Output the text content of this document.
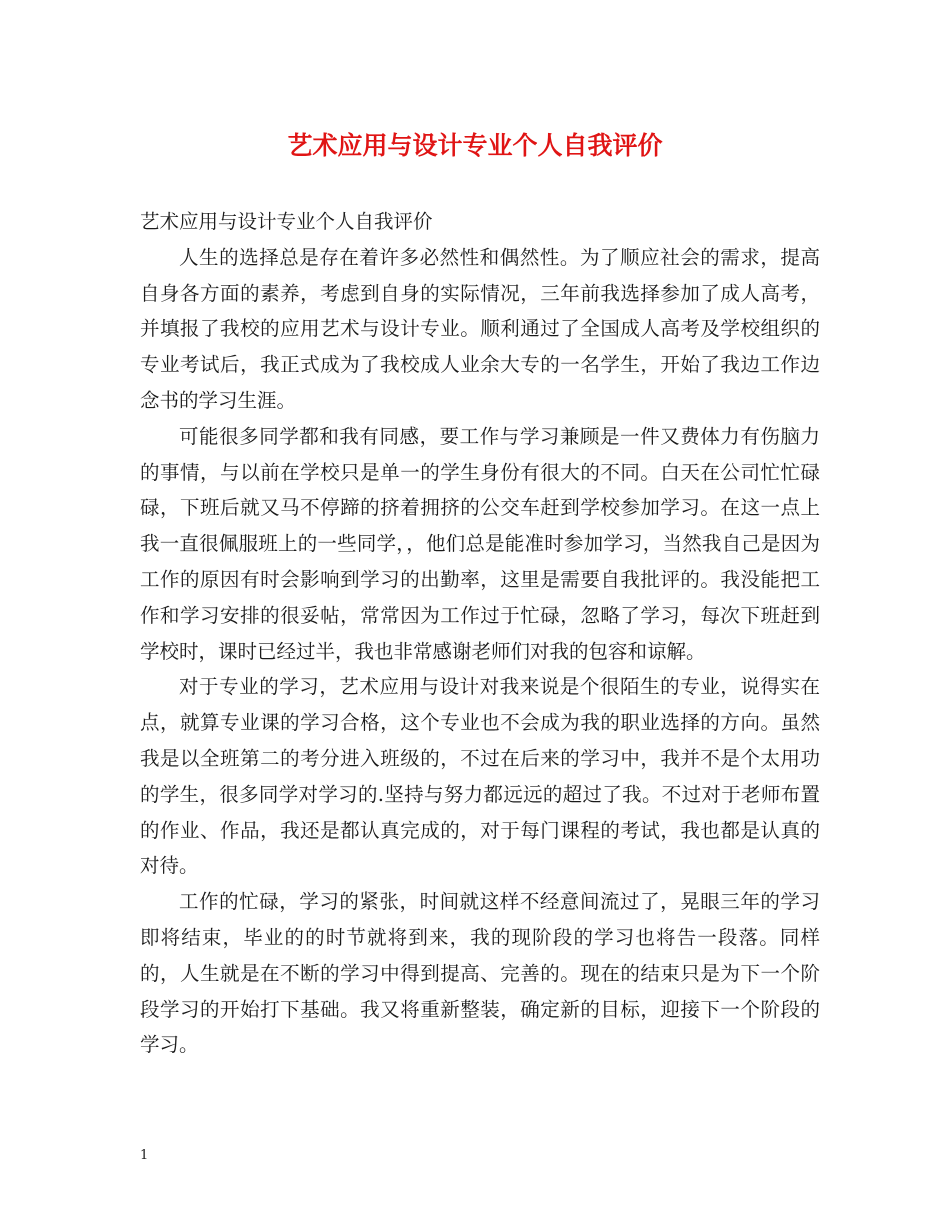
艺术应用与设计专业个人自我评价

艺术应用与设计专业个人自我评价

人生的选择总是存在着许多必然性和偶然性。为了顺应社会的需求，提高自身各方面的素养，考虑到自身的实际情况，三年前我选择参加了成人高考，并填报了我校的应用艺术与设计专业。顺利通过了全国成人高考及学校组织的专业考试后，我正式成为了我校成人业余大专的一名学生，开始了我边工作边念书的学习生涯。

可能很多同学都和我有同感，要工作与学习兼顾是一件又费体力有伤脑力的事情，与以前在学校只是单一的学生身份有很大的不同。白天在公司忙忙碌碌，下班后就又马不停蹄的挤着拥挤的公交车赶到学校参加学习。在这一点上我一直很佩服班上的一些同学，，他们总是能准时参加学习，当然我自己是因为工作的原因有时会影响到学习的出勤率，这里是需要自我批评的。我没能把工作和学习安排的很妥帖，常常因为工作过于忙碌，忽略了学习，每次下班赶到学校时，课时已经过半，我也非常感谢老师们对我的包容和谅解。

对于专业的学习，艺术应用与设计对我来说是个很陌生的专业，说得实在点，就算专业课的学习合格，这个专业也不会成为我的职业选择的方向。虽然我是以全班第二的考分进入班级的，不过在后来的学习中，我并不是个太用功的学生，很多同学对学习的.坚持与努力都远远的超过了我。不过对于老师布置的作业、作品，我还是都认真完成的，对于每门课程的考试，我也都是认真的对待。

工作的忙碌，学习的紧张，时间就这样不经意间流过了，晃眼三年的学习即将结束，毕业的的时节就将到来，我的现阶段的学习也将告一段落。同样的，人生就是在不断的学习中得到提高、完善的。现在的结束只是为下一个阶段学习的开始打下基础。我又将重新整装，确定新的目标，迎接下一个阶段的学习。

1
